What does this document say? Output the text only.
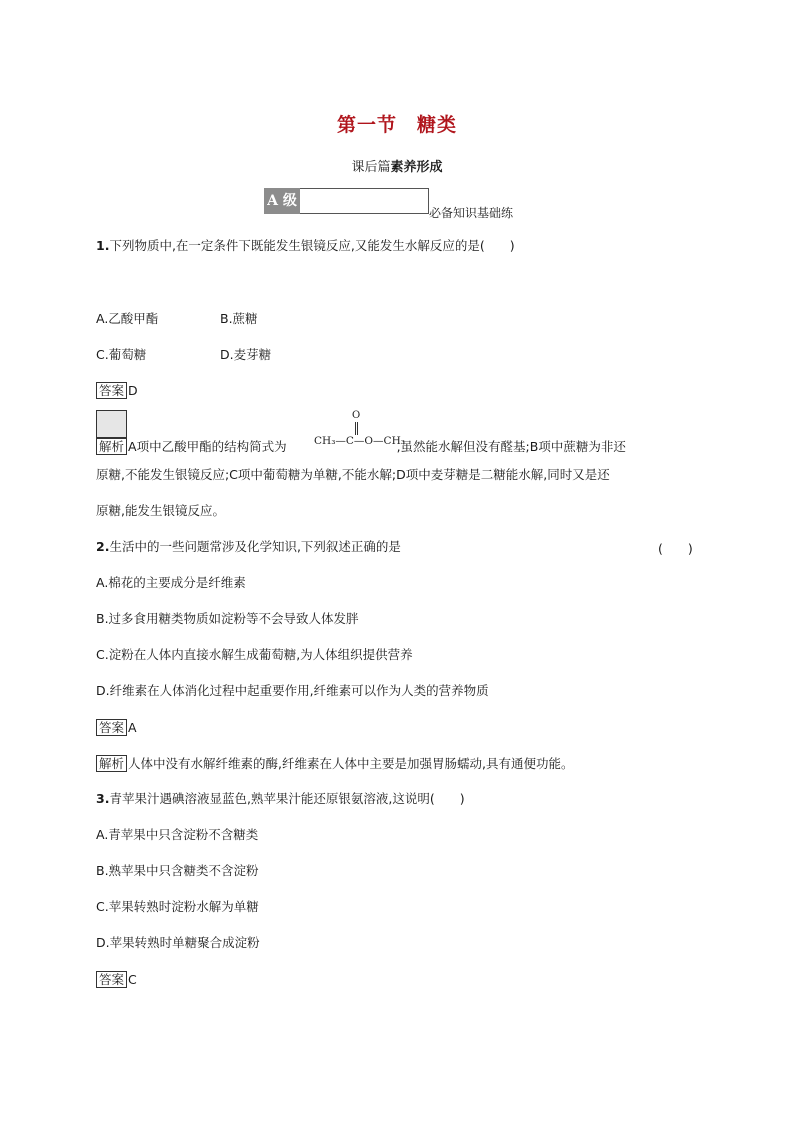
第一节　糖类
课后篇素养形成
A 级
必备知识基础练
1.下列物质中,在一定条件下既能发生银镜反应,又能发生水解反应的是(　　)
A.乙酸甲酯	B.蔗糖
C.葡萄糖	D.麦芽糖
答案 D
O
CH₃—C—O—CH₃
解析 A项中乙酸甲酯的结构简式为	,虽然能水解但没有醛基;B项中蔗糖为非还
原糖,不能发生银镜反应;C项中葡萄糖为单糖,不能水解;D项中麦芽糖是二糖能水解,同时又是还
原糖,能发生银镜反应。
2.生活中的一些问题常涉及化学知识,下列叙述正确的是	(　　)
A.棉花的主要成分是纤维素
B.过多食用糖类物质如淀粉等不会导致人体发胖
C.淀粉在人体内直接水解生成葡萄糖,为人体组织提供营养
D.纤维素在人体消化过程中起重要作用,纤维素可以作为人类的营养物质
答案 A
解析 人体中没有水解纤维素的酶,纤维素在人体中主要是加强胃肠蠕动,具有通便功能。
3.青苹果汁遇碘溶液显蓝色,熟苹果汁能还原银氨溶液,这说明(　　)
A.青苹果中只含淀粉不含糖类
B.熟苹果中只含糖类不含淀粉
C.苹果转熟时淀粉水解为单糖
D.苹果转熟时单糖聚合成淀粉
答案 C
